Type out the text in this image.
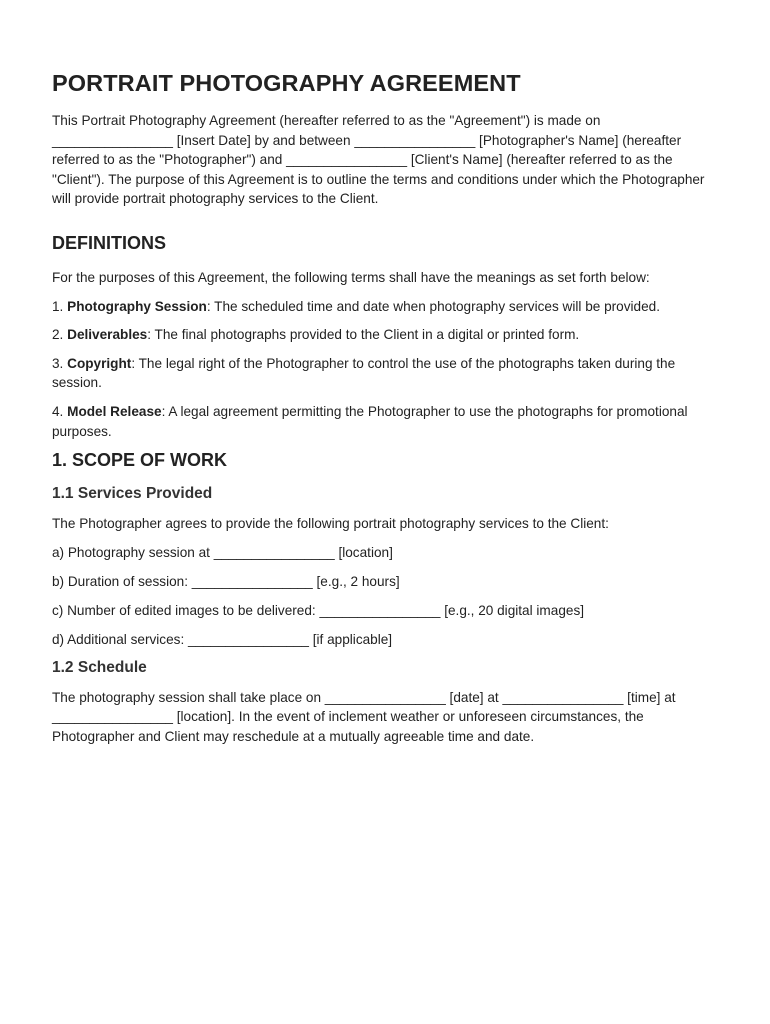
PORTRAIT PHOTOGRAPHY AGREEMENT

This Portrait Photography Agreement (hereafter referred to as the "Agreement") is made on ________________ [Insert Date] by and between ________________ [Photographer's Name] (hereafter referred to as the "Photographer") and ________________ [Client's Name] (hereafter referred to as the "Client"). The purpose of this Agreement is to outline the terms and conditions under which the Photographer will provide portrait photography services to the Client.

DEFINITIONS

For the purposes of this Agreement, the following terms shall have the meanings as set forth below:

1. Photography Session: The scheduled time and date when photography services will be provided.

2. Deliverables: The final photographs provided to the Client in a digital or printed form.

3. Copyright: The legal right of the Photographer to control the use of the photographs taken during the session.

4. Model Release: A legal agreement permitting the Photographer to use the photographs for promotional purposes.

1. SCOPE OF WORK
1.1 Services Provided

The Photographer agrees to provide the following portrait photography services to the Client:

a) Photography session at ________________ [location]

b) Duration of session: ________________ [e.g., 2 hours]

c) Number of edited images to be delivered: ________________ [e.g., 20 digital images]

d) Additional services: ________________ [if applicable]

1.2 Schedule

The photography session shall take place on ________________ [date] at ________________ [time] at ________________ [location]. In the event of inclement weather or unforeseen circumstances, the Photographer and Client may reschedule at a mutually agreeable time and date.
